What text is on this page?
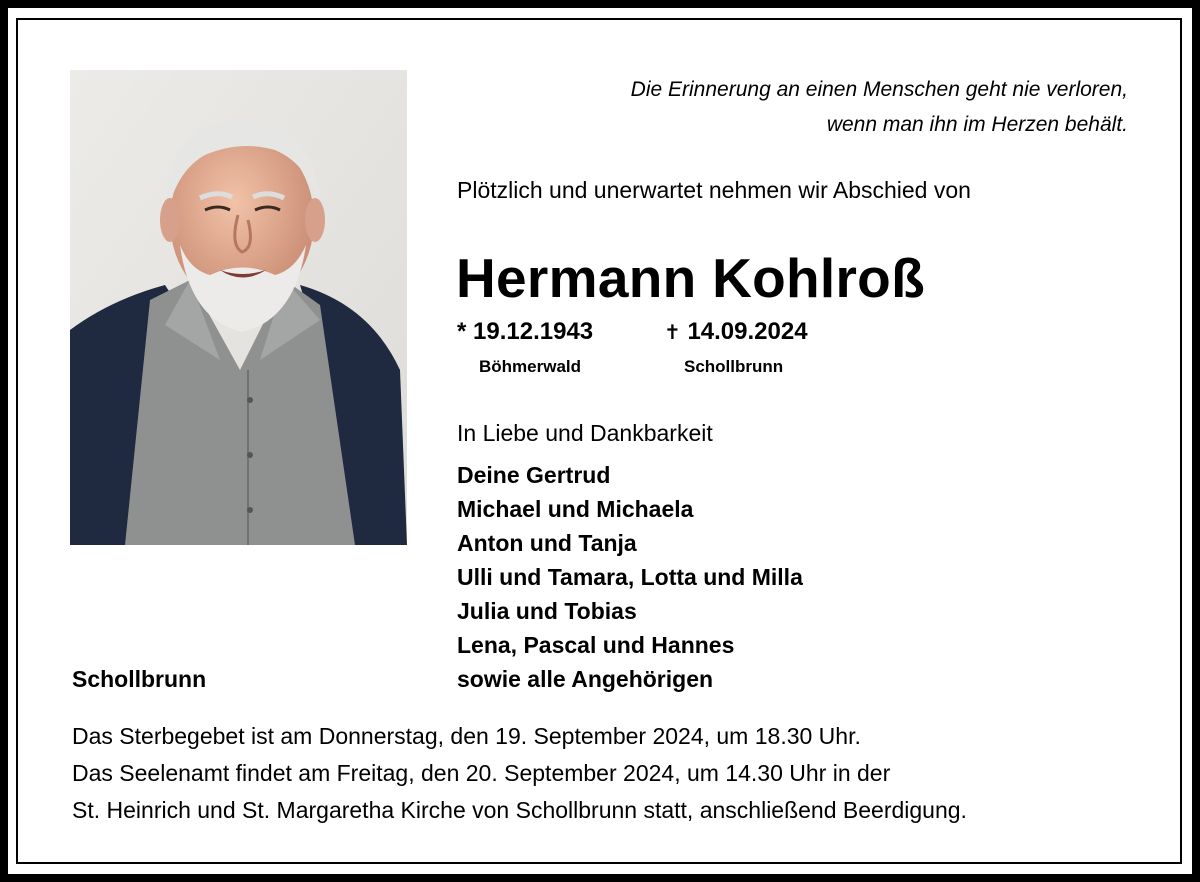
Die Erinnerung an einen Menschen geht nie verloren,
wenn man ihn im Herzen behält.
Plötzlich und unerwartet nehmen wir Abschied von
Hermann Kohlroß
* 19.12.1943	✝ 14.09.2024
Böhmerwald	Schollbrunn
In Liebe und Dankbarkeit
Deine Gertrud
Michael und Michaela
Anton und Tanja
Ulli und Tamara, Lotta und Milla
Julia und Tobias
Lena, Pascal und Hannes
sowie alle Angehörigen
Schollbrunn
Das Sterbegebet ist am Donnerstag, den 19. September 2024, um 18.30 Uhr.
Das Seelenamt findet am Freitag, den 20. September 2024, um 14.30 Uhr in der
St. Heinrich und St. Margaretha Kirche von Schollbrunn statt, anschließend Beerdigung.
